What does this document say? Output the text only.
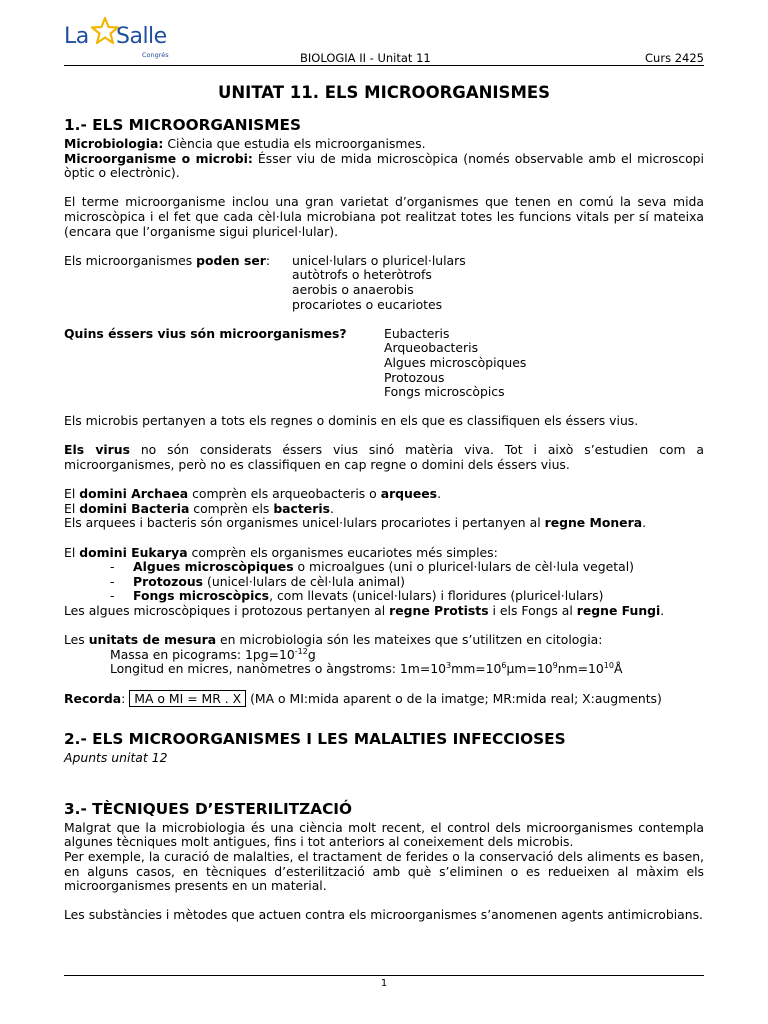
La Salle
Congrés	BIOLOGIA II - Unitat 11	Curs 2425
UNITAT 11. ELS MICROORGANISMES
1.- ELS MICROORGANISMES

Microbiologia: Ciència que estudia els microorganismes.

Microorganisme o microbi: Ésser viu de mida microscòpica (només observable amb el microscopi òptic o electrònic).

El terme microorganisme inclou una gran varietat d’organismes que tenen en comú la seva mida microscòpica i el fet que cada cèl·lula microbiana pot realitzat totes les funcions vitals per sí mateixa (encara que l’organisme sigui pluricel·lular).

Els microorganismes poden ser:	unicel·lulars o pluricel·lulars
autòtrofs o heteròtrofs
aerobis o anaerobis
procariotes o eucariotes
Quins éssers vius són microorganismes?	Eubacteris
Arqueobacteris
Algues microscòpiques
Protozous
Fongs microscòpics

Els microbis pertanyen a tots els regnes o dominis en els que es classifiquen els éssers vius.

Els virus no són considerats éssers vius sinó matèria viva. Tot i això s’estudien com a microorganismes, però no es classifiquen en cap regne o domini dels éssers vius.

El domini Archaea comprèn els arqueobacteris o arquees.

El domini Bacteria comprèn els bacteris.

Els arquees i bacteris són organismes unicel·lulars procariotes i pertanyen al regne Monera.

El domini Eukarya comprèn els organismes eucariotes més simples:

- Algues microscòpiques o microalgues (uni o pluricel·lulars de cèl·lula vegetal)
- Protozous (unicel·lulars de cèl·lula animal)
- Fongs microscòpics, com llevats (unicel·lulars) i floridures (pluricel·lulars)

Les algues microscòpiques i protozous pertanyen al regne Protists i els Fongs al regne Fungi.

Les unitats de mesura en microbiologia són les mateixes que s’utilitzen en citologia:

Massa en picograms: $1pg=10^{-12}g$

Longitud en micres, nanòmetres o àngstroms: $1m=10^3mm=10^6\mu m=10^9nm=10^{10}Å$

Recorda: MA o MI = MR . X (MA o MI:mida aparent o de la imatge; MR:mida real; X:augments)

2.- ELS MICROORGANISMES I LES MALALTIES INFECCIOSES

Apunts unitat 12

3.- TÈCNIQUES D’ESTERILITZACIÓ

Malgrat que la microbiologia és una ciència molt recent, el control dels microorganismes contempla algunes tècniques molt antigues, fins i tot anteriors al coneixement dels microbis.

Per exemple, la curació de malalties, el tractament de ferides o la conservació dels aliments es basen, en alguns casos, en tècniques d’esterilització amb què s’eliminen o es redueixen al màxim els microorganismes presents en un material.

Les substàncies i mètodes que actuen contra els microorganismes s’anomenen agents antimicrobians.

1
